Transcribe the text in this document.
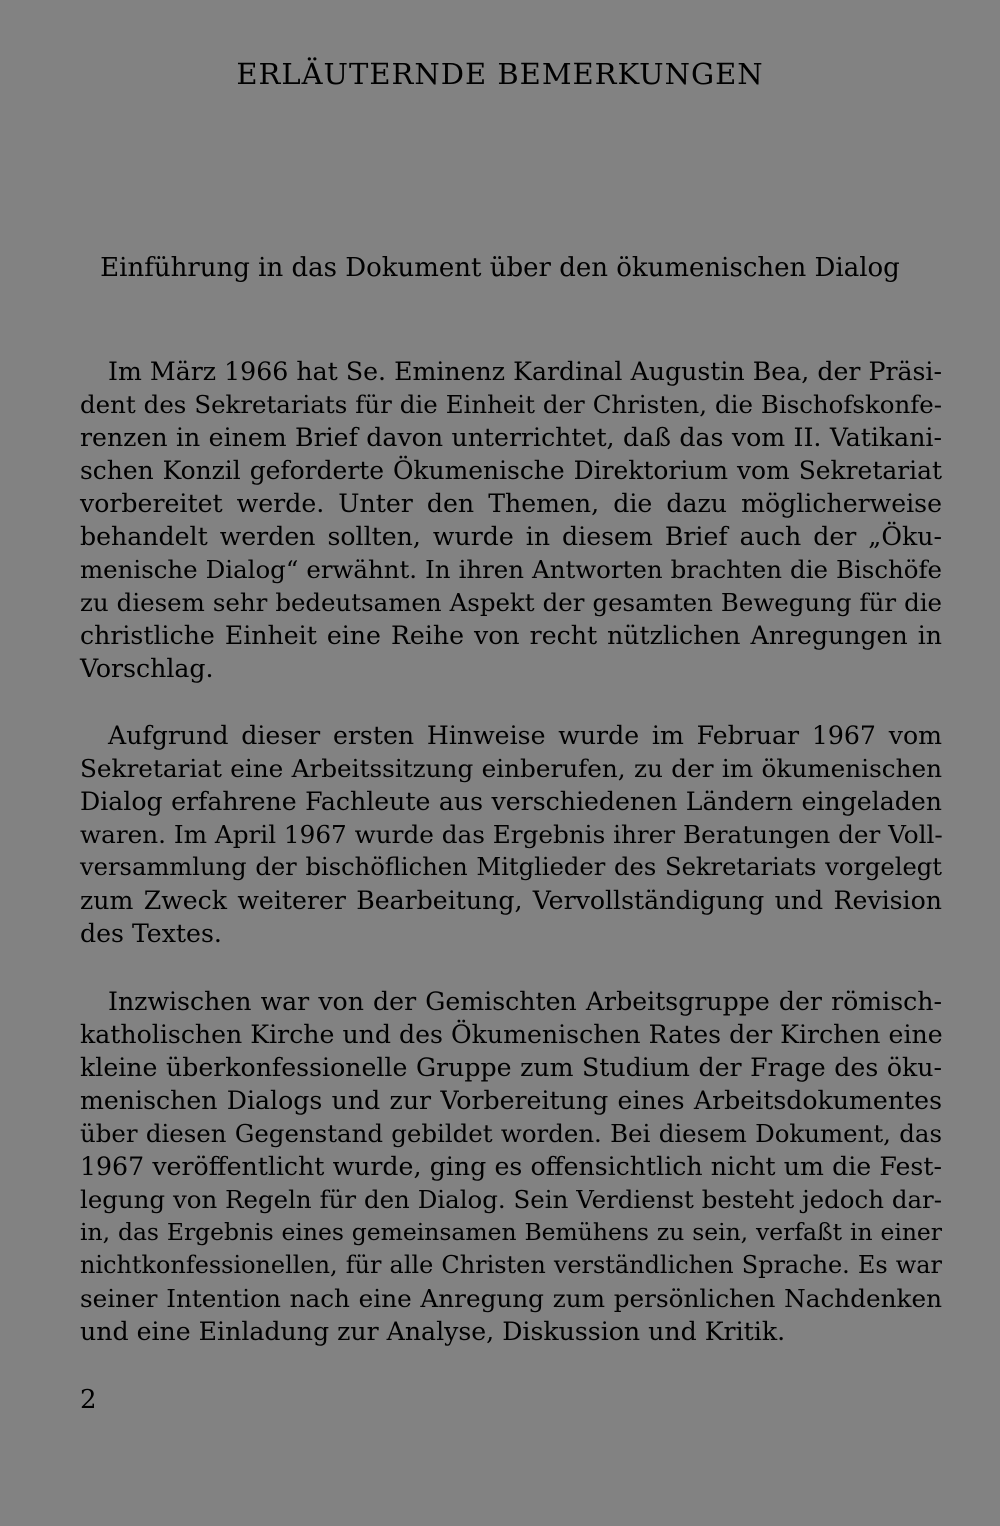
ERLÄUTERNDE BEMERKUNGEN
Einführung in das Dokument über den ökumenischen Dialog

Im März 1966 hat Se. Eminenz Kardinal Augustin Bea, der Präsi-
dent des Sekretariats für die Einheit der Christen, die Bischofskonfe-
renzen in einem Brief davon unterrichtet, daß das vom II. Vatikani-
schen Konzil geforderte Ökumenische Direktorium vom Sekretariat
vorbereitet werde. Unter den Themen, die dazu möglicherweise
behandelt werden sollten, wurde in diesem Brief auch der „Öku-
menische Dialog“ erwähnt. In ihren Antworten brachten die Bischöfe
zu diesem sehr bedeutsamen Aspekt der gesamten Bewegung für die
christliche Einheit eine Reihe von recht nützlichen Anregungen in
Vorschlag.

Aufgrund dieser ersten Hinweise wurde im Februar 1967 vom
Sekretariat eine Arbeitssitzung einberufen, zu der im ökumenischen
Dialog erfahrene Fachleute aus verschiedenen Ländern eingeladen
waren. Im April 1967 wurde das Ergebnis ihrer Beratungen der Voll-
versammlung der bischöflichen Mitglieder des Sekretariats vorgelegt
zum Zweck weiterer Bearbeitung, Vervollständigung und Revision
des Textes.

Inzwischen war von der Gemischten Arbeitsgruppe der römisch-
katholischen Kirche und des Ökumenischen Rates der Kirchen eine
kleine überkonfessionelle Gruppe zum Studium der Frage des öku-
menischen Dialogs und zur Vorbereitung eines Arbeitsdokumentes
über diesen Gegenstand gebildet worden. Bei diesem Dokument, das
1967 veröffentlicht wurde, ging es offensichtlich nicht um die Fest-
legung von Regeln für den Dialog. Sein Verdienst besteht jedoch dar-
in, das Ergebnis eines gemeinsamen Bemühens zu sein, verfaßt in einer
nichtkonfessionellen, für alle Christen verständlichen Sprache. Es war
seiner Intention nach eine Anregung zum persönlichen Nachdenken
und eine Einladung zur Analyse, Diskussion und Kritik.

2
